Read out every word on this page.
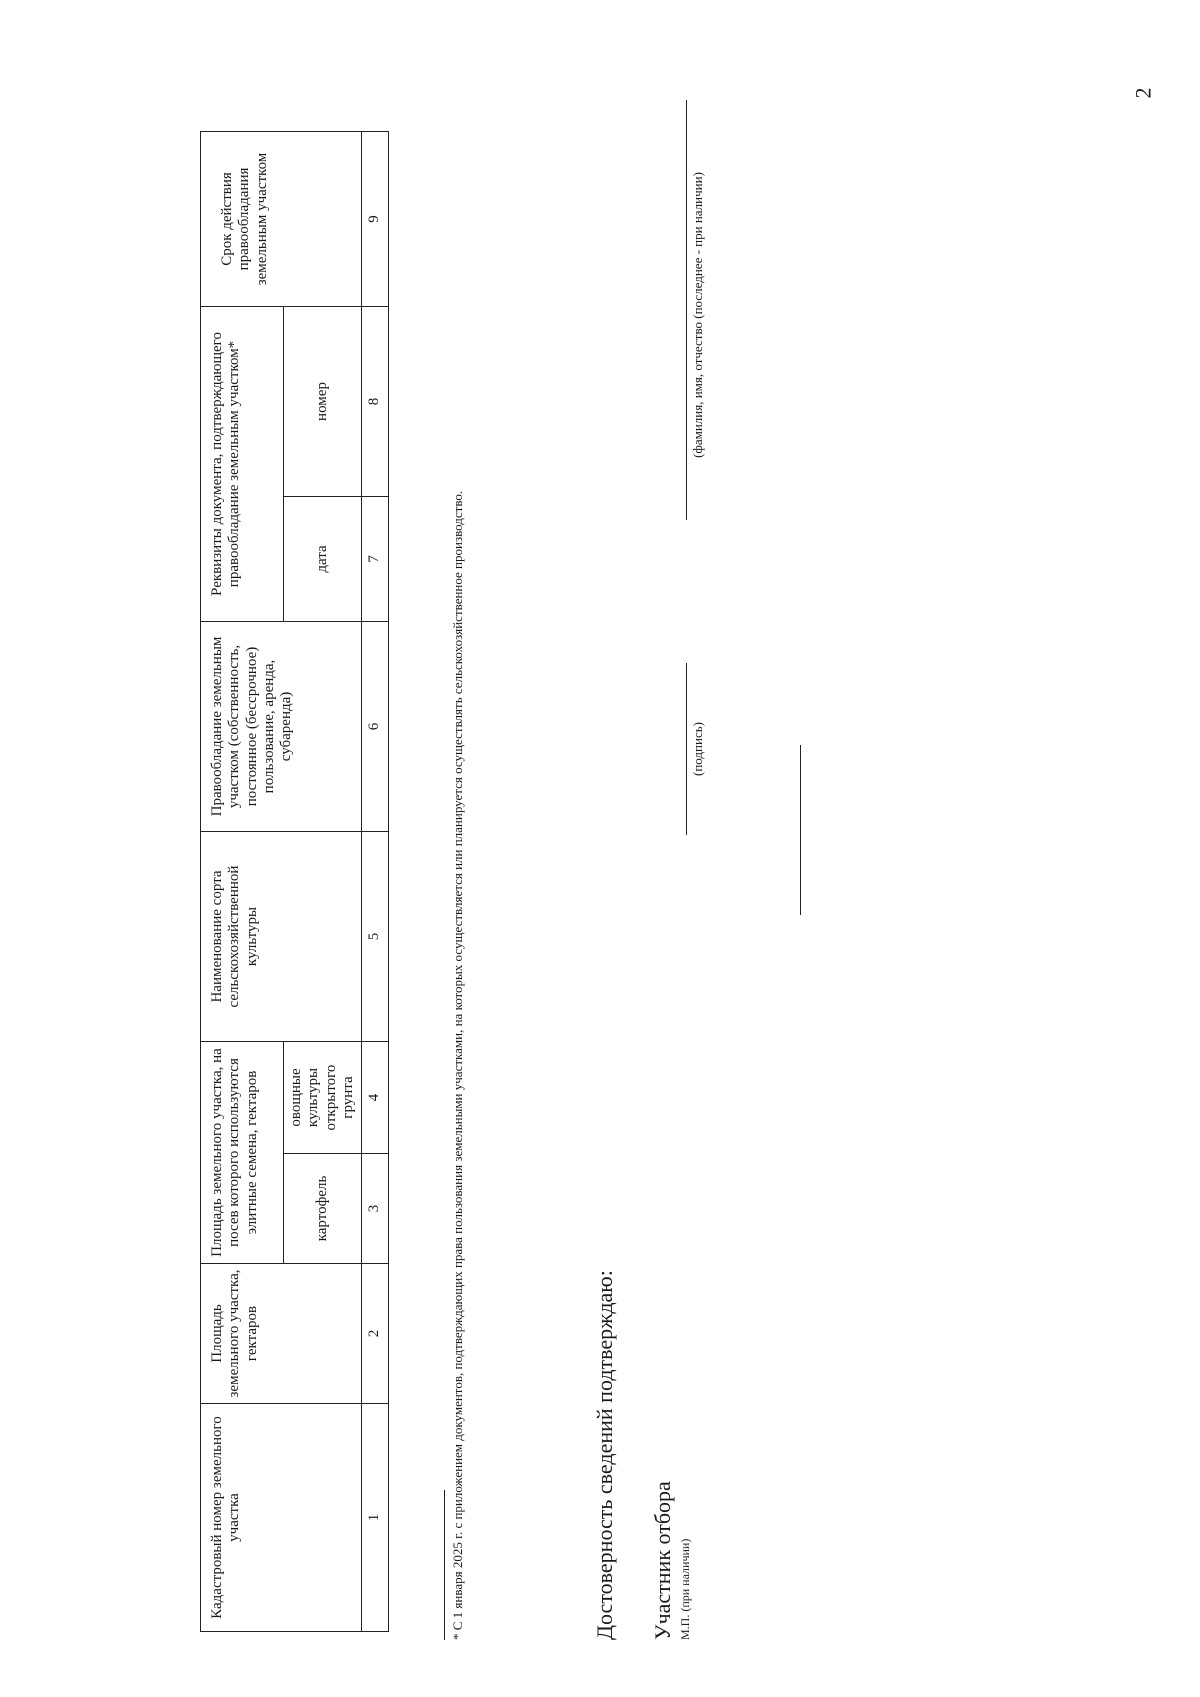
2
Кадастровый номер земельного участка	Площадь земельного участка, гектаров	Площадь земельного участка, на посев которого используются элитные семена, гектаров		Наименование сорта сельскохозяйственной культуры	Правообладание земельным участком (собственность, постоянное (бессрочное) пользование, аренда, субаренда)	Реквизиты документа, подтверждающего правообладание земельным участком*		Срок действия правообладания земельным участком
		картофель	овощные культуры открытого грунта			дата	номер	
1	2	3	4	5	6	7	8	9
* С 1 января 2025 г. с приложением документов, подтверждающих права пользования земельными участками, на которых осуществляется или планируется осуществлять сельскохозяйственное производство.	Достоверность сведений подтверждаю: Участник отбора М.П. (при наличии)
(подпись)
(фамилия, имя, отчество (последнее - при наличии)
